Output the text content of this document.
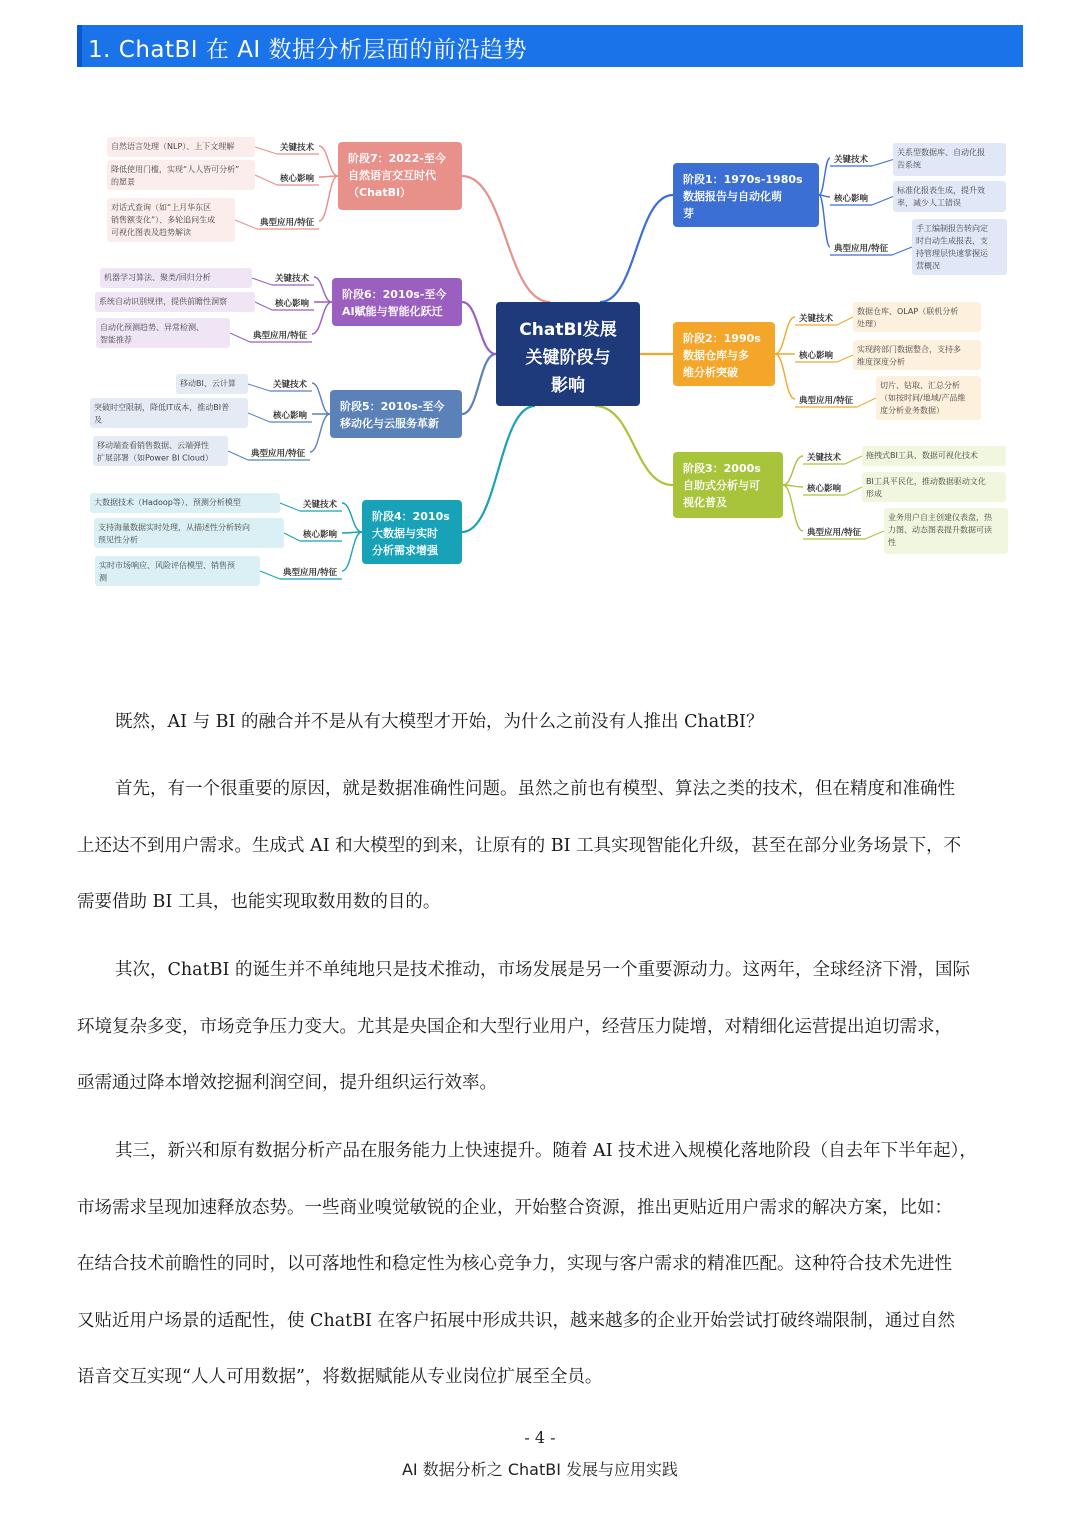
1. ChatBI 在 AI 数据分析层面的前沿趋势
ChatBI发展
关键阶段与
影响
阶段1：1970s-1980s
数据报告与自动化萌
芽
关键技术
关系型数据库、自动化报
告系统
核心影响
标准化报表生成，提升效
率，减少人工错误
典型应用/特征
手工编制报告转向定
时自动生成报表，支
持管理层快速掌握运
营概况
阶段2：1990s
数据仓库与多
维分析突破
关键技术
数据仓库、OLAP（联机分析
处理）
核心影响
实现跨部门数据整合，支持多
维度深度分析
典型应用/特征
切片、钻取、汇总分析
（如按时间/地域/产品维
度分析业务数据）
阶段3：2000s
自助式分析与可
视化普及
关键技术	拖拽式BI工具、数据可视化技术
核心影响
BI工具平民化，推动数据驱动文化
形成
典型应用/特征
业务用户自主创建仪表盘，热
力图、动态图表提升数据可读
性
阶段4：2010s
大数据与实时
分析需求增强
关键技术
大数据技术（Hadoop等）、预测分析模型
核心影响
支持海量数据实时处理，从描述性分析转向
预见性分析
典型应用/特征
实时市场响应、风险评估模型、销售预
测
阶段5：2010s-至今
移动化与云服务革新
关键技术
移动BI、云计算
核心影响
突破时空限制，降低IT成本，推动BI普
及
典型应用/特征
移动端查看销售数据、云端弹性
扩展部署（如Power BI Cloud）
阶段6：2010s-至今
AI赋能与智能化跃迁
关键技术
机器学习算法、聚类/回归分析
核心影响
系统自动识别规律，提供前瞻性洞察
典型应用/特征
自动化预测趋势、异常检测、
智能推荐
阶段7：2022-至今
自然语言交互时代
（ChatBI）
关键技术
自然语言处理（NLP）、上下文理解
核心影响
降低使用门槛，实现“人人皆可分析”
的愿景
典型应用/特征
对话式查询（如“上月华东区
销售额变化”）、多轮追问生成
可视化图表及趋势解读

既然，AI 与 BI 的融合并不是从有大模型才开始，为什么之前没有人推出 ChatBI？

首先，有一个很重要的原因，就是数据准确性问题。虽然之前也有模型、算法之类的技术，但在精度和准确性
上还达不到用户需求。生成式 AI 和大模型的到来，让原有的 BI 工具实现智能化升级，甚至在部分业务场景下，不
需要借助 BI 工具，也能实现取数用数的目的。

其次，ChatBI 的诞生并不单纯地只是技术推动，市场发展是另一个重要源动力。这两年，全球经济下滑，国际
环境复杂多变，市场竞争压力变大。尤其是央国企和大型行业用户，经营压力陡增，对精细化运营提出迫切需求，
亟需通过降本增效挖掘利润空间，提升组织运行效率。

其三，新兴和原有数据分析产品在服务能力上快速提升。随着 AI 技术进入规模化落地阶段（自去年下半年起），
市场需求呈现加速释放态势。一些商业嗅觉敏锐的企业，开始整合资源，推出更贴近用户需求的解决方案，比如：
在结合技术前瞻性的同时，以可落地性和稳定性为核心竞争力，实现与客户需求的精准匹配。这种符合技术先进性
又贴近用户场景的适配性，使 ChatBI 在客户拓展中形成共识，越来越多的企业开始尝试打破终端限制，通过自然
语音交互实现“人人可用数据”，将数据赋能从专业岗位扩展至全员。

- 4 -
AI 数据分析之 ChatBI 发展与应用实践
